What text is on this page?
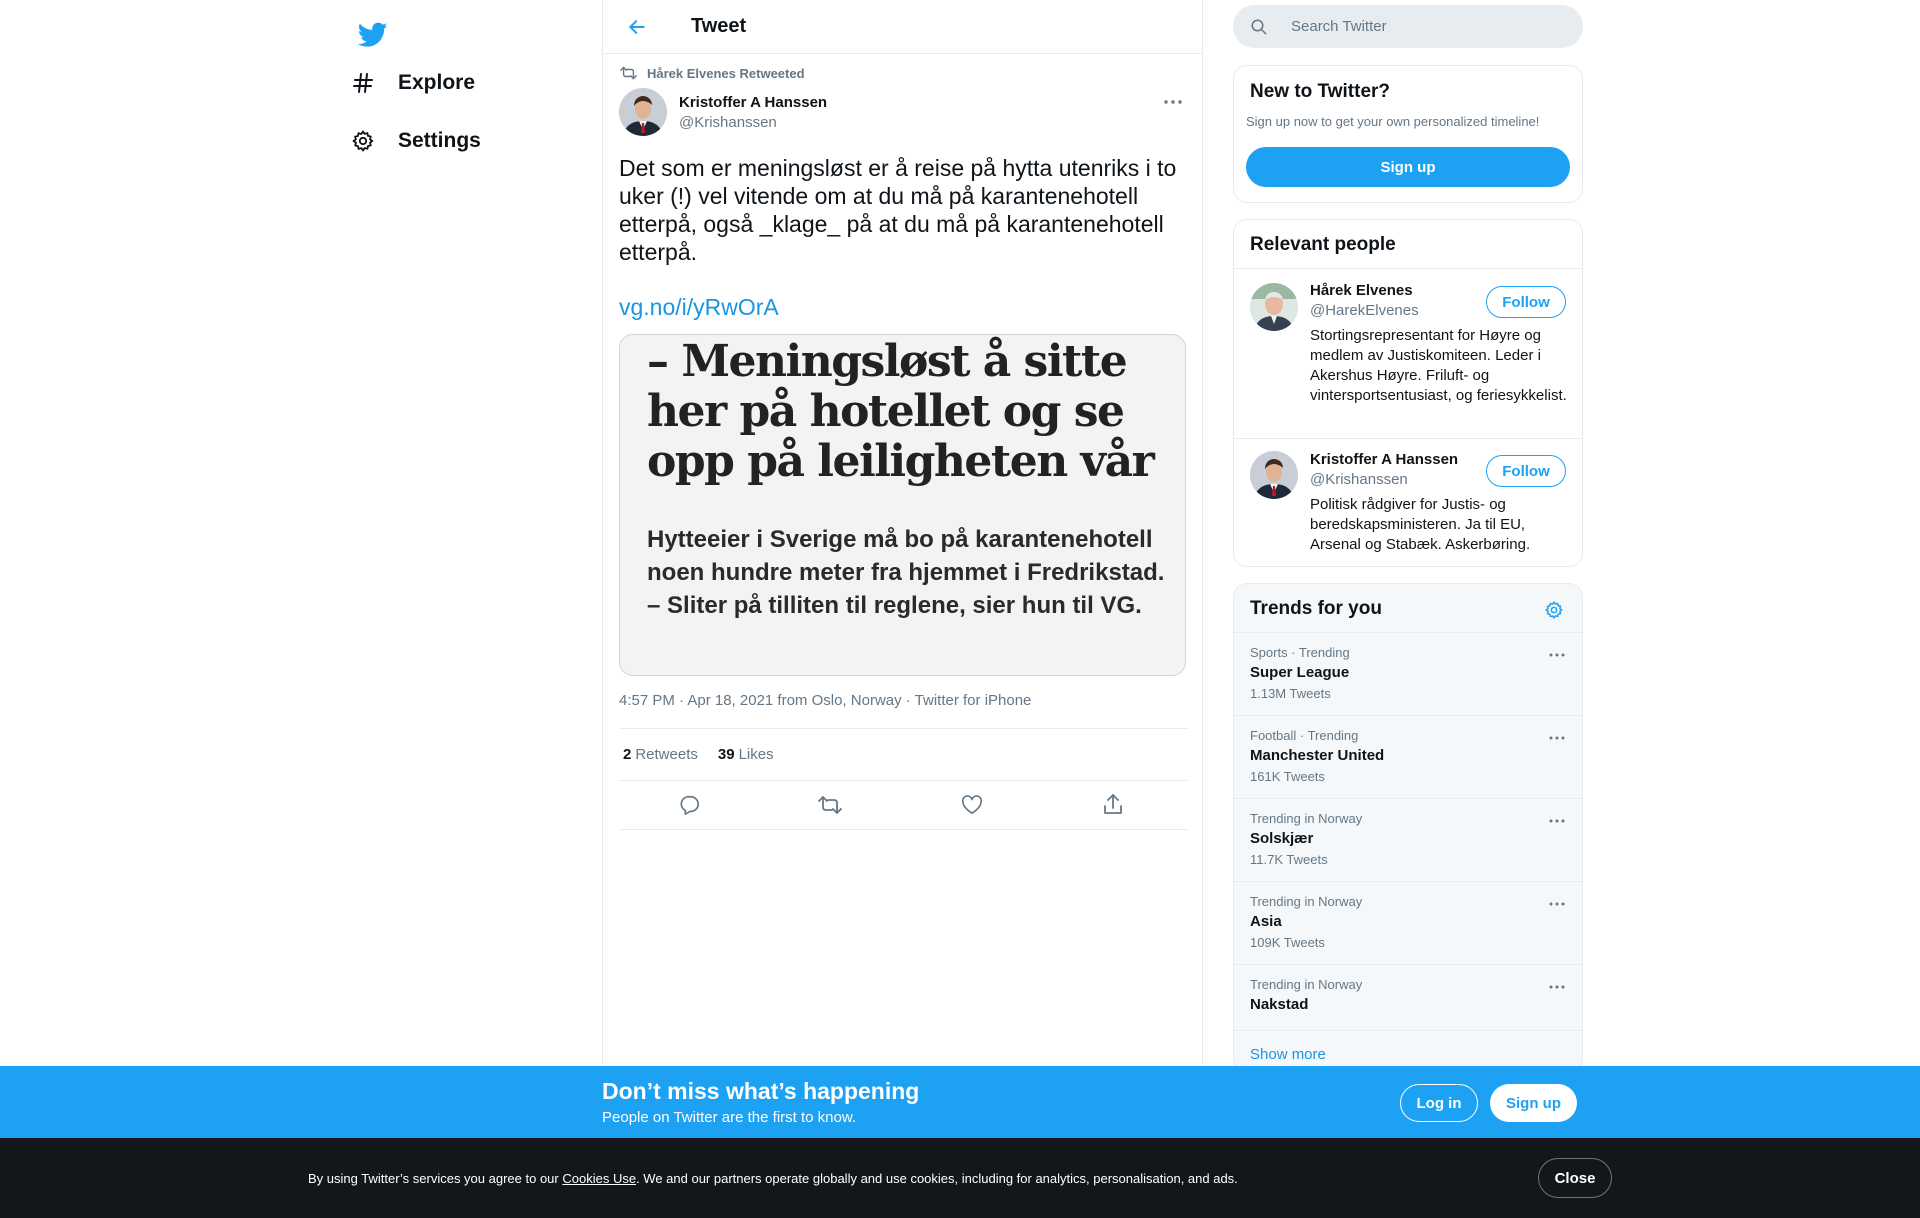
Explore
Settings
Tweet
Hårek Elvenes Retweeted
Kristoffer A Hanssen
@Krishanssen
Det som er meningsløst er å reise på hytta utenriks i to uker (!) vel vitende om at du må på karantenehotell etterpå, også _klage_ på at du må på karantenehotell etterpå.
vg.no/i/yRwOrA
– Meningsløst å sitte her på hotellet og se opp på leiligheten vår
Hytteeier i Sverige må bo på karantenehotell noen hundre meter fra hjemmet i Fredrikstad. – Sliter på tilliten til reglene, sier hun til VG.
4:57 PM · Apr 18, 2021 from Oslo, Norway · Twitter for iPhone
2 Retweets 39 Likes
Search Twitter
New to Twitter?
Sign up now to get your own personalized timeline!
Sign up
Relevant people
Hårek Elvenes
@HarekElvenes	Follow
Stortingsrepresentant for Høyre og medlem av Justiskomiteen. Leder i Akershus Høyre. Friluft- og vintersportsentusiast, og feriesykkelist.
Kristoffer A Hanssen
@Krishanssen	Follow
Politisk rådgiver for Justis- og beredskapsministeren. Ja til EU, Arsenal og Stabæk. Askerbøring.
Trends for you
Sports · Trending
Super League
1.13M Tweets
Football · Trending
Manchester United
161K Tweets
Trending in Norway
Solskjær
11.7K Tweets
Trending in Norway
Asia
109K Tweets
Trending in Norway
Nakstad
Show more
Don’t miss what’s happening
People on Twitter are the first to know.
Log in	Sign up
By using Twitter’s services you agree to our Cookies Use. We and our partners operate globally and use cookies, including for analytics, personalisation, and ads.	Close
